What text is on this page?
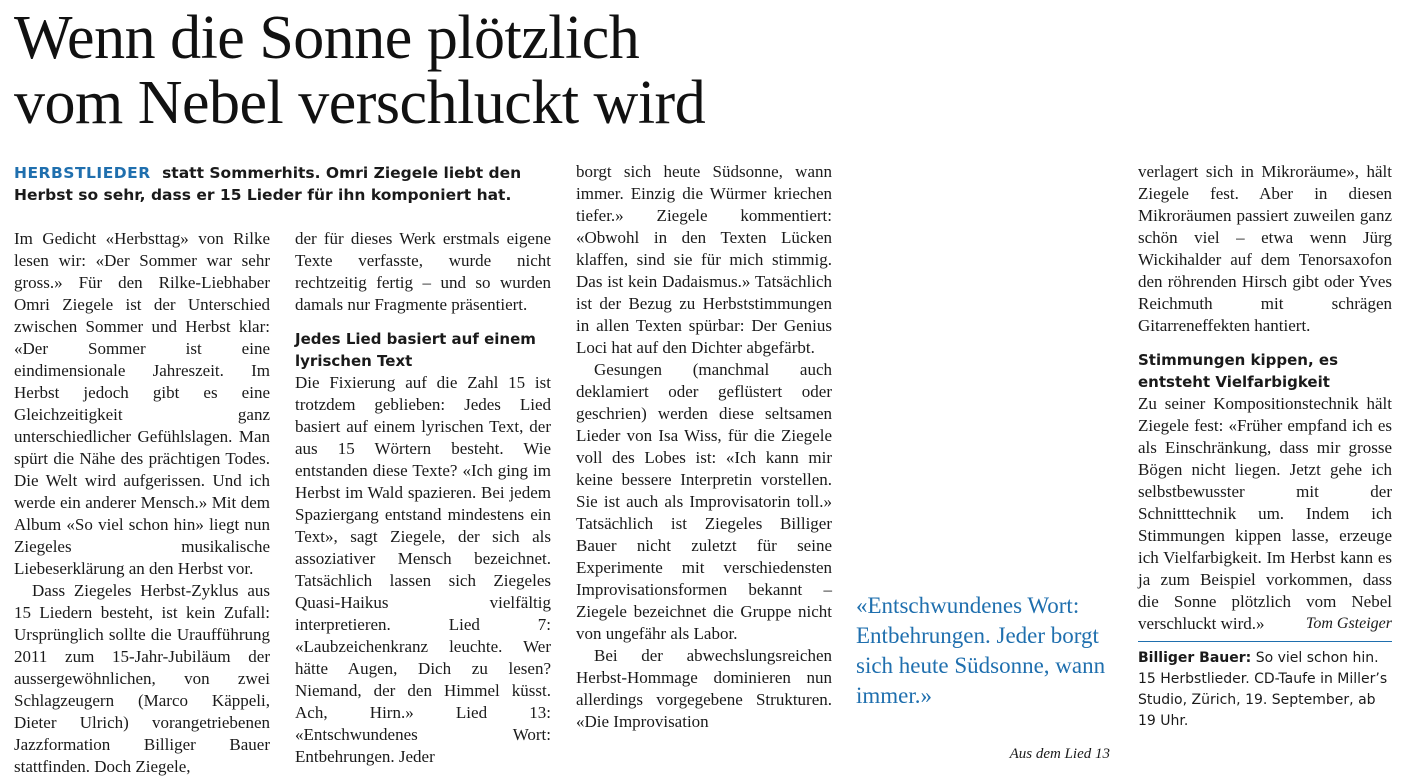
Wenn die Sonne plötzlich
vom Nebel verschluckt wird
HERBSTLIEDER statt Sommerhits. Omri Ziegele liebt den Herbst so sehr, dass er 15 Lieder für ihn komponiert hat.

Im Gedicht «Herbsttag» von Rilke lesen wir: «Der Sommer war sehr gross.» Für den Rilke-Liebhaber Omri Ziegele ist der Unterschied zwischen Sommer und Herbst klar: «Der Sommer ist eine eindimensionale Jahreszeit. Im Herbst jedoch gibt es eine Gleichzeitigkeit ganz unterschiedlicher Gefühlslagen. Man spürt die Nähe des prächtigen Todes. Die Welt wird aufgerissen. Und ich werde ein anderer Mensch.» Mit dem Album «So viel schon hin» liegt nun Ziegeles musikalische Liebeserklärung an den Herbst vor.

Dass Ziegeles Herbst-Zyklus aus 15 Liedern besteht, ist kein Zufall: Ursprünglich sollte die Uraufführung 2011 zum 15-Jahr-Jubiläum der aussergewöhnlichen, von zwei Schlagzeugern (Marco Käppeli, Dieter Ulrich) vorangetriebenen Jazzformation Billiger Bauer stattfinden. Doch Ziegele,

der für dieses Werk erstmals eigene Texte verfasste, wurde nicht rechtzeitig fertig – und so wurden damals nur Fragmente präsentiert.

Jedes Lied basiert auf einem lyrischen Text

Die Fixierung auf die Zahl 15 ist trotzdem geblieben: Jedes Lied basiert auf einem lyrischen Text, der aus 15 Wörtern besteht. Wie entstanden diese Texte? «Ich ging im Herbst im Wald spazieren. Bei jedem Spaziergang entstand mindestens ein Text», sagt Ziegele, der sich als assoziativer Mensch bezeichnet. Tatsächlich lassen sich Ziegeles Quasi-Haikus vielfältig interpretieren. Lied 7: «Laubzeichenkranz leuchte. Wer hätte Augen, Dich zu lesen? Niemand, der den Himmel küsst. Ach, Hirn.» Lied 13: «Entschwundenes Wort: Entbehrungen. Jeder

borgt sich heute Südsonne, wann immer. Einzig die Würmer kriechen tiefer.» Ziegele kommentiert: «Obwohl in den Texten Lücken klaffen, sind sie für mich stimmig. Das ist kein Dadaismus.» Tatsächlich ist der Bezug zu Herbststimmungen in allen Texten spürbar: Der Genius Loci hat auf den Dichter abgefärbt.

Gesungen (manchmal auch deklamiert oder geflüstert oder geschrien) werden diese seltsamen Lieder von Isa Wiss, für die Ziegele voll des Lobes ist: «Ich kann mir keine bessere Interpretin vorstellen. Sie ist auch als Improvisatorin toll.» Tatsächlich ist Ziegeles Billiger Bauer nicht zuletzt für seine Experimente mit verschiedensten Improvisationsformen bekannt – Ziegele bezeichnet die Gruppe nicht von ungefähr als Labor.

Bei der abwechslungsreichen Herbst-Hommage dominieren nun allerdings vorgegebene Strukturen. «Die Improvisation

«Entschwundenes Wort: Entbehrungen. Jeder borgt sich heute Südsonne, wann immer.»
Aus dem Lied 13

verlagert sich in Mikroräume», hält Ziegele fest. Aber in diesen Mikroräumen passiert zuweilen ganz schön viel – etwa wenn Jürg Wickihalder auf dem Tenorsaxofon den röhrenden Hirsch gibt oder Yves Reichmuth mit schrägen Gitarreneffekten hantiert.

Stimmungen kippen, es entsteht Vielfarbigkeit

Zu seiner Kompositionstechnik hält Ziegele fest: «Früher empfand ich es als Einschränkung, dass mir grosse Bögen nicht liegen. Jetzt gehe ich selbstbewusster mit der Schnitttechnik um. Indem ich Stimmungen kippen lasse, erzeuge ich Vielfarbigkeit. Im Herbst kann es ja zum Beispiel vorkommen, dass die Sonne plötzlich vom Nebel verschluckt wird.»	Tom Gsteiger
Billiger Bauer: So viel schon hin. 15 Herbstlieder. CD-Taufe in Miller’s Studio, Zürich, 19. September, ab 19 Uhr.
